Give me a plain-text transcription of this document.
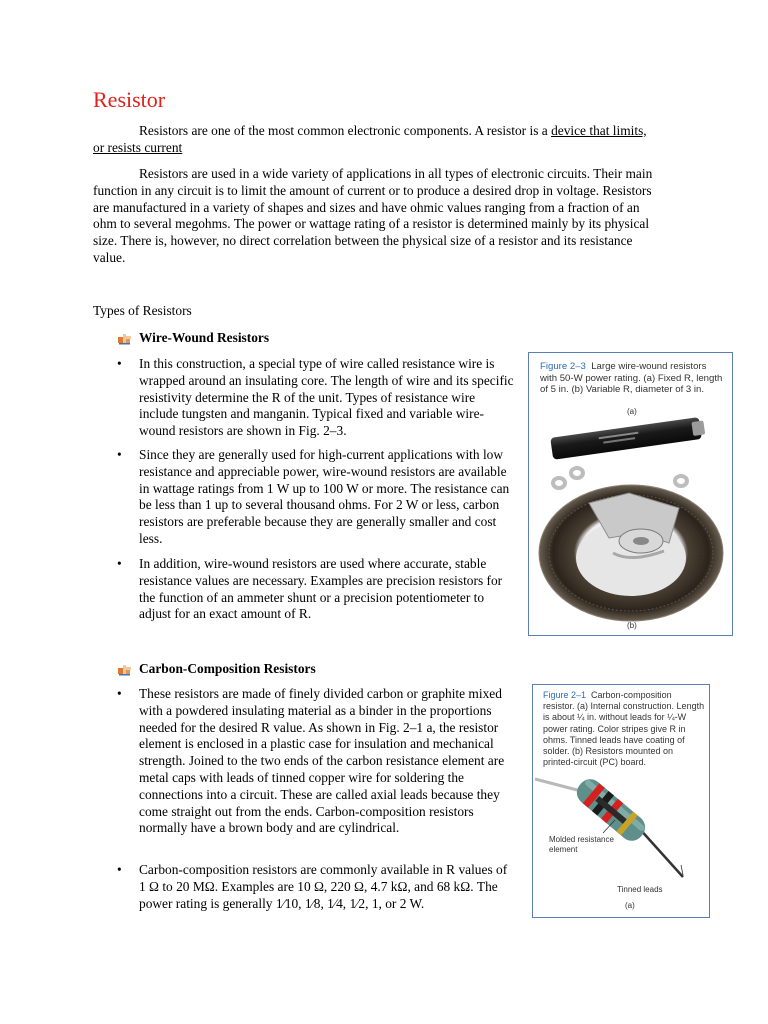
Resistor

Resistors are one of the most common electronic components. A resistor is a device that limits, or resists current

Resistors are used in a wide variety of applications in all types of electronic circuits. Their main function in any circuit is to limit the amount of current or to produce a desired drop in voltage. Resistors are manufactured in a variety of shapes and sizes and have ohmic values ranging from a fraction of an ohm to several megohms. The power or wattage rating of a resistor is determined mainly by its physical size. There is, however, no direct correlation between the physical size of a resistor and its resistance value.

Types of Resistors

Wire-Wound Resistors
•	In this construction, a special type of wire called resistance wire is wrapped around an insulating core. The length of wire and its specific resistivity determine the R of the unit. Types of resistance wire include tungsten and manganin. Typical fixed and variable wire-wound resistors are shown in Fig. 2–3.
•	Since they are generally used for high-current applications with low resistance and appreciable power, wire-wound resistors are available in wattage ratings from 1 W up to 100 W or more. The resistance can be less than 1 up to several thousand ohms. For 2 W or less, carbon resistors are preferable because they are generally smaller and cost less.
•	In addition, wire-wound resistors are used where accurate, stable resistance values are necessary. Examples are precision resistors for the function of an ammeter shunt or a precision potentiometer to adjust for an exact amount of R.
Figure 2–3 Large wire-wound resistors with 50-W power rating. (a) Fixed R, length of 5 in. (b) Variable R, diameter of 3 in.
(a)
(b)
Carbon-Composition Resistors
•	These resistors are made of finely divided carbon or graphite mixed with a powdered insulating material as a binder in the proportions needed for the desired R value. As shown in Fig. 2–1 a, the resistor element is enclosed in a plastic case for insulation and mechanical strength. Joined to the two ends of the carbon resistance element are metal caps with leads of tinned copper wire for soldering the connections into a circuit. These are called axial leads because they come straight out from the ends. Carbon-composition resistors normally have a brown body and are cylindrical.
•	Carbon-composition resistors are commonly available in R values of 1 Ω to 20 MΩ. Examples are 10 Ω, 220 Ω, 4.7 kΩ, and 68 kΩ. The power rating is generally 1⁄10, 1⁄8, 1⁄4, 1⁄2, 1, or 2 W.
Figure 2–1 Carbon-composition resistor. (a) Internal construction. Length is about ¼ in. without leads for ¼-W power rating. Color stripes give R in ohms. Tinned leads have coating of solder. (b) Resistors mounted on printed-circuit (PC) board.
Molded resistance element
Tinned leads
(a)
